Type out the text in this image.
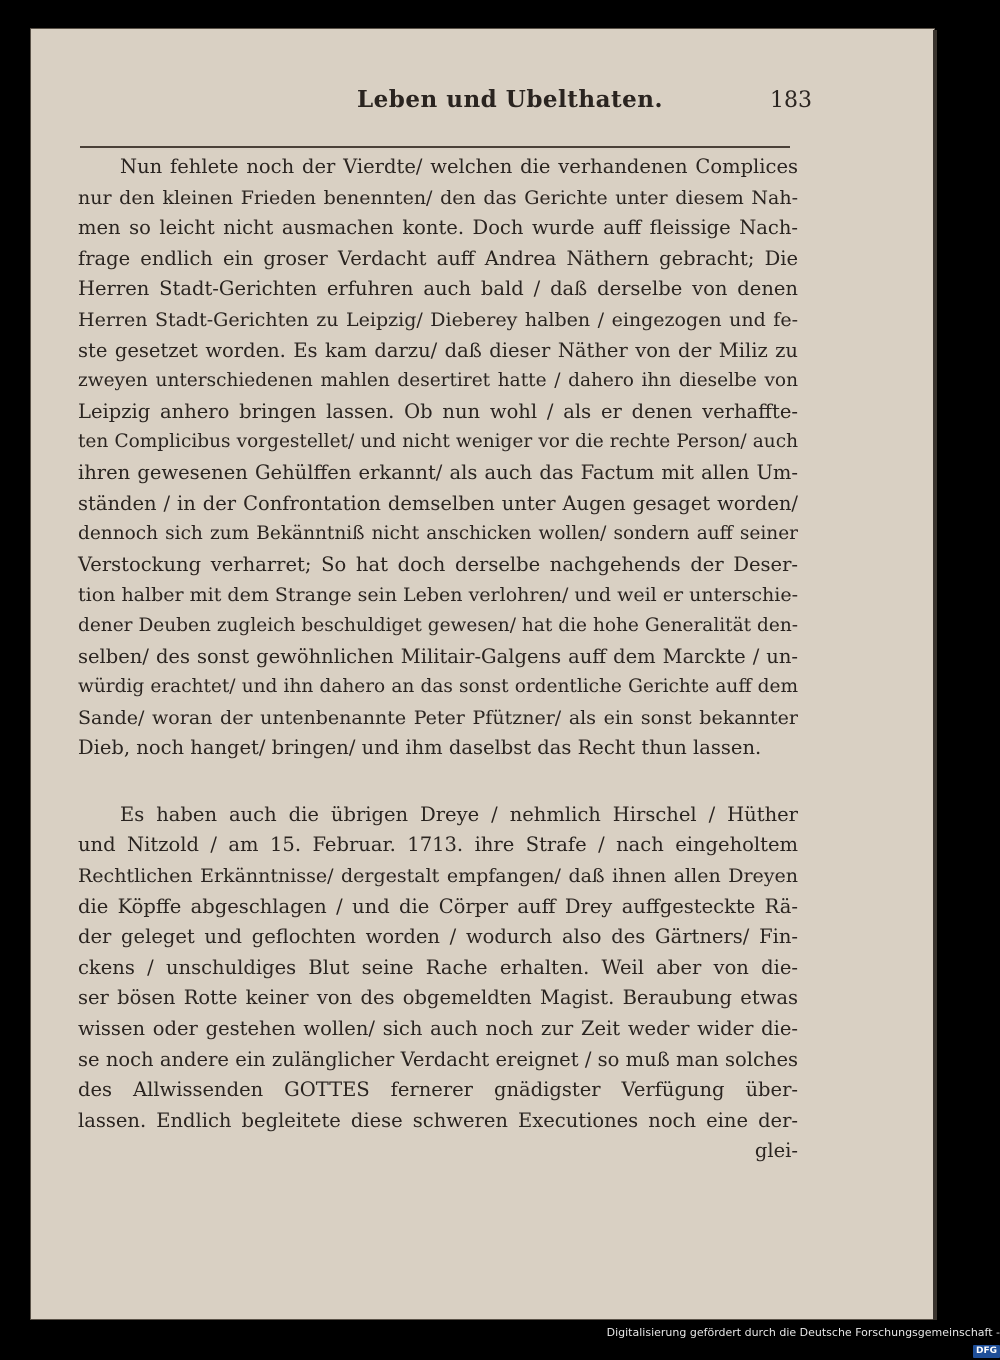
Leben und Ubelthaten.	183

Nun fehlete noch der Vierdte/ welchen die verhandenen Complices

nur den kleinen Frieden benennten/ den das Gerichte unter diesem Nah-

men so leicht nicht ausmachen konte. Doch wurde auff fleissige Nach-

frage endlich ein groser Verdacht auff Andrea Näthern gebracht; Die

Herren Stadt-Gerichten erfuhren auch bald / daß derselbe von denen

Herren Stadt-Gerichten zu Leipzig/ Dieberey halben / eingezogen und fe-

ste gesetzet worden. Es kam darzu/ daß dieser Näther von der Miliz zu

zweyen unterschiedenen mahlen desertiret hatte / dahero ihn dieselbe von

Leipzig anhero bringen lassen. Ob nun wohl / als er denen verhaffte-

ten Complicibus vorgestellet/ und nicht weniger vor die rechte Person/ auch

ihren gewesenen Gehülffen erkannt/ als auch das Factum mit allen Um-

ständen / in der Confrontation demselben unter Augen gesaget worden/

dennoch sich zum Bekänntniß nicht anschicken wollen/ sondern auff seiner

Verstockung verharret; So hat doch derselbe nachgehends der Deser-

tion halber mit dem Strange sein Leben verlohren/ und weil er unterschie-

dener Deuben zugleich beschuldiget gewesen/ hat die hohe Generalität den-

selben/ des sonst gewöhnlichen Militair-Galgens auff dem Marckte / un-

würdig erachtet/ und ihn dahero an das sonst ordentliche Gerichte auff dem

Sande/ woran der untenbenannte Peter Pfützner/ als ein sonst bekannter

Dieb, noch hanget/ bringen/ und ihm daselbst das Recht thun lassen.

Es haben auch die übrigen Dreye / nehmlich Hirschel / Hüther

und Nitzold / am 15. Februar. 1713. ihre Strafe / nach eingeholtem

Rechtlichen Erkänntnisse/ dergestalt empfangen/ daß ihnen allen Dreyen

die Köpffe abgeschlagen / und die Cörper auff Drey auffgesteckte Rä-

der geleget und geflochten worden / wodurch also des Gärtners/ Fin-

ckens / unschuldiges Blut seine Rache erhalten. Weil aber von die-

ser bösen Rotte keiner von des obgemeldten Magist. Beraubung etwas

wissen oder gestehen wollen/ sich auch noch zur Zeit weder wider die-

se noch andere ein zulänglicher Verdacht ereignet / so muß man solches

des Allwissenden GOTTES fernerer gnädigster Verfügung über-

lassen. Endlich begleitete diese schweren Executiones noch eine der-

glei-

Digitalisierung gefördert durch die Deutsche Forschungsgemeinschaft -DFG
